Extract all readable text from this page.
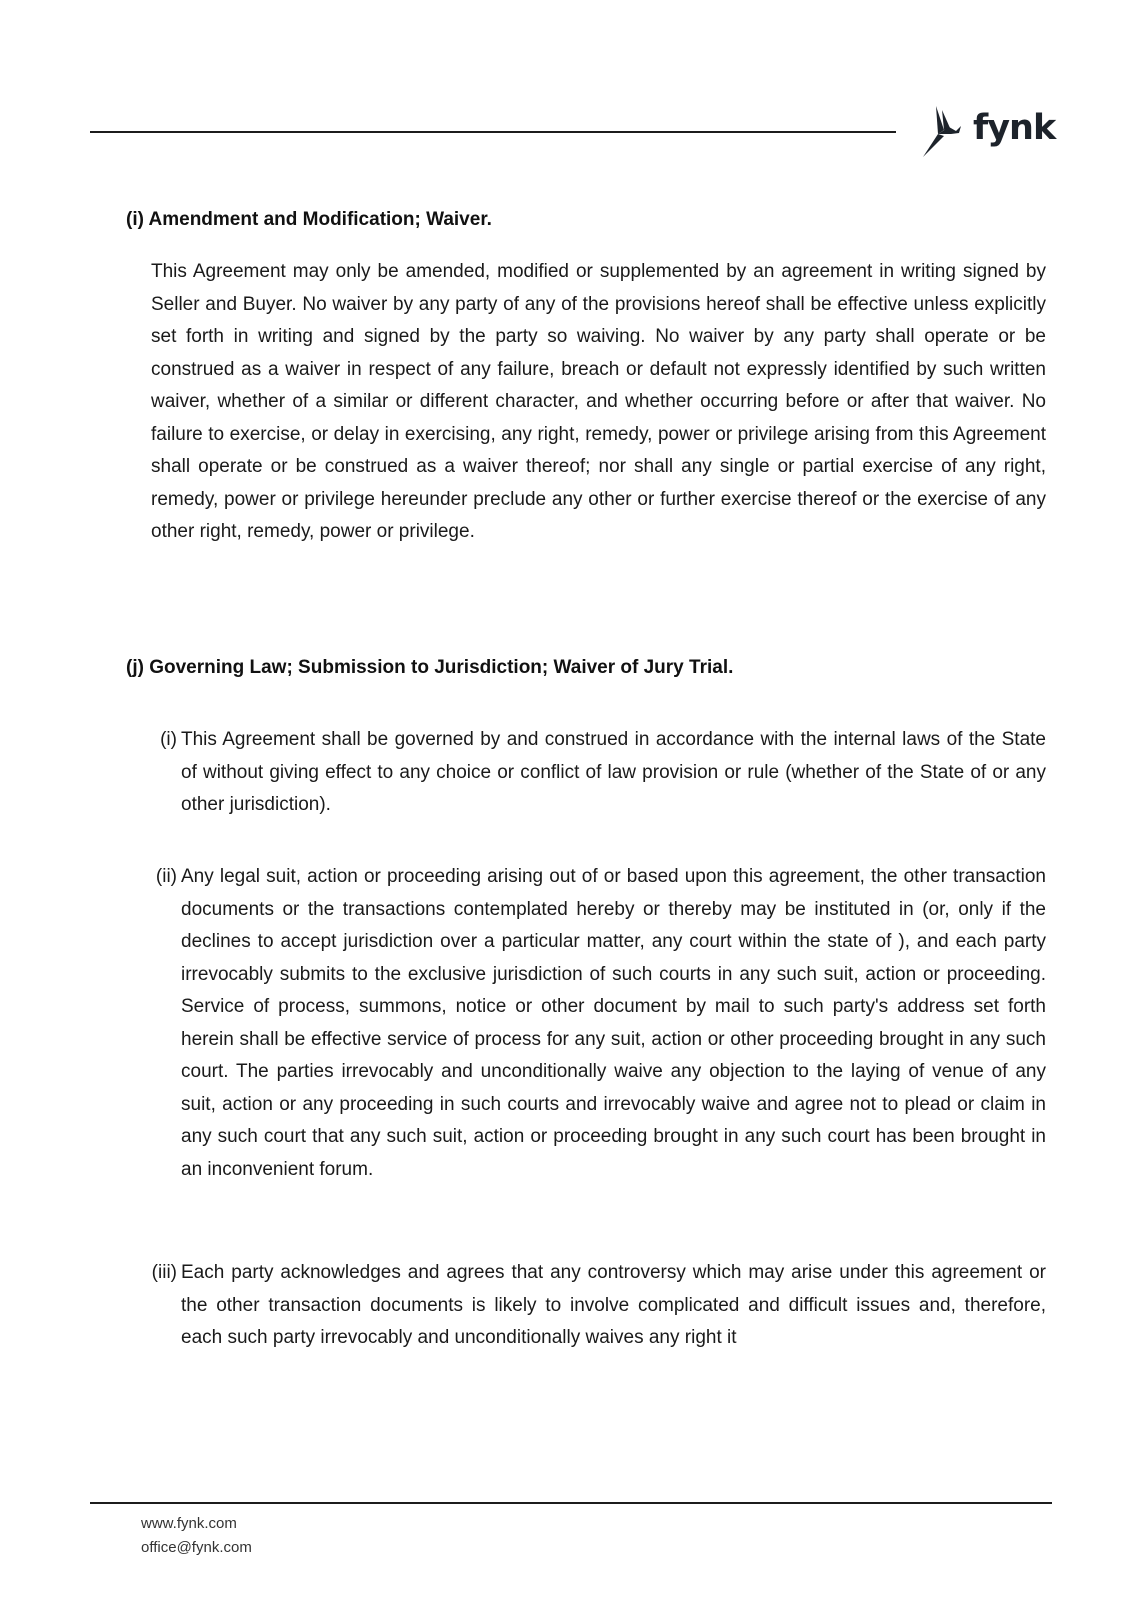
fynk
(i) Amendment and Modification; Waiver.

This Agreement may only be amended, modified or supplemented by an agreement in writing signed by Seller and Buyer. No waiver by any party of any of the provisions hereof shall be effective unless explicitly set forth in writing and signed by the party so waiving. No waiver by any party shall operate or be construed as a waiver in respect of any failure, breach or default not expressly identified by such written waiver, whether of a similar or different character, and whether occurring before or after that waiver. No failure to exercise, or delay in exercising, any right, remedy, power or privilege arising from this Agreement shall operate or be construed as a waiver thereof; nor shall any single or partial exercise of any right, remedy, power or privilege hereunder preclude any other or further exercise thereof or the exercise of any other right, remedy, power or privilege.

(j) Governing Law; Submission to Jurisdiction; Waiver of Jury Trial.
(i) This Agreement shall be governed by and construed in accordance with the internal laws of the State of without giving effect to any choice or conflict of law provision or rule (whether of the State of or any other jurisdiction).
(ii) Any legal suit, action or proceeding arising out of or based upon this agreement, the other transaction documents or the transactions contemplated hereby or thereby may be instituted in (or, only if the declines to accept jurisdiction over a particular matter, any court within the state of ), and each party irrevocably submits to the exclusive jurisdiction of such courts in any such suit, action or proceeding. Service of process, summons, notice or other document by mail to such party's address set forth herein shall be effective service of process for any suit, action or other proceeding brought in any such court. The parties irrevocably and unconditionally waive any objection to the laying of venue of any suit, action or any proceeding in such courts and irrevocably waive and agree not to plead or claim in any such court that any such suit, action or proceeding brought in any such court has been brought in an inconvenient forum.
(iii) Each party acknowledges and agrees that any controversy which may arise under this agreement or the other transaction documents is likely to involve complicated and difficult issues and, therefore, each such party irrevocably and unconditionally waives any right it

www.fynk.com

office@fynk.com
